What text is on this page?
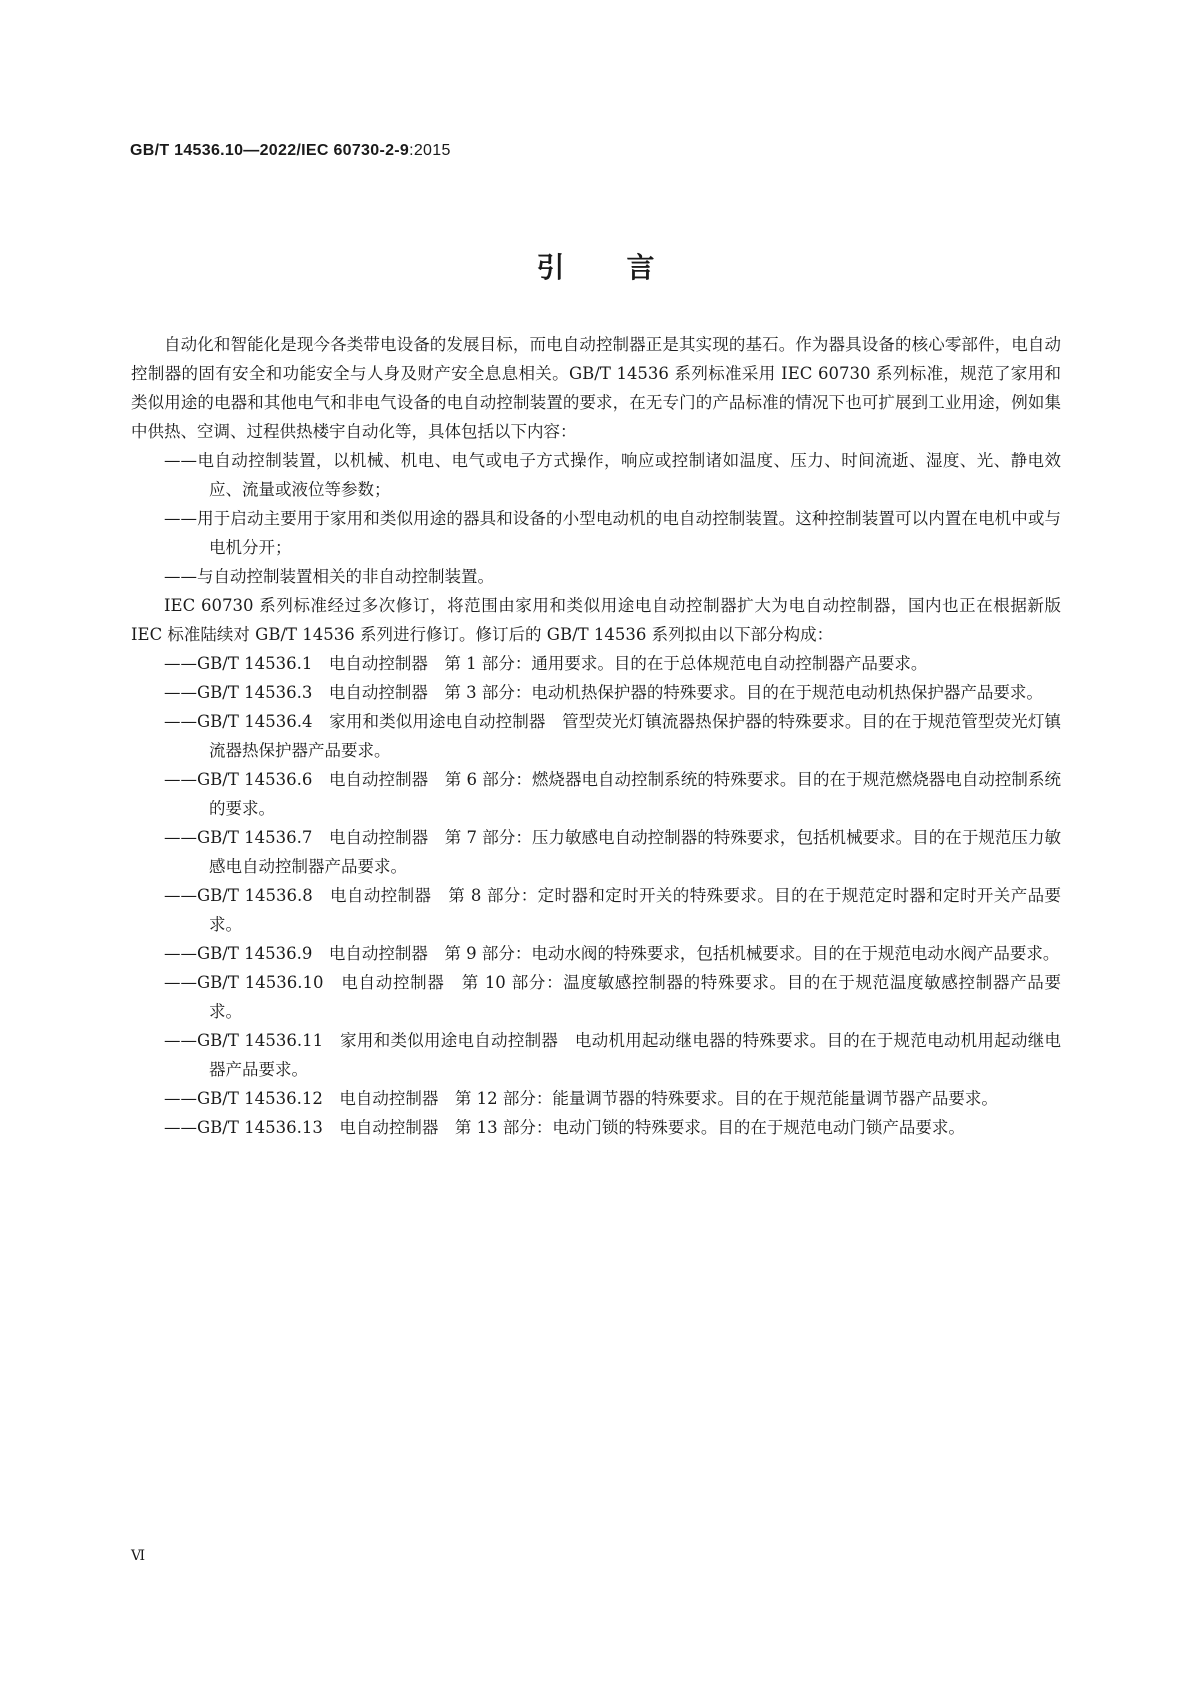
GB/T 14536.10—2022/IEC 60730-2-9:2015
引言

自动化和智能化是现今各类带电设备的发展目标，而电自动控制器正是其实现的基石。作为器具设备的核心零部件，电自动控制器的固有安全和功能安全与人身及财产安全息息相关。GB/T 14536 系列标准采用 IEC 60730 系列标准，规范了家用和类似用途的电器和其他电气和非电气设备的电自动控制装置的要求，在无专门的产品标准的情况下也可扩展到工业用途，例如集中供热、空调、过程供热楼宇自动化等，具体包括以下内容：

——电自动控制装置，以机械、机电、电气或电子方式操作，响应或控制诸如温度、压力、时间流逝、湿度、光、静电效应、流量或液位等参数；
——用于启动主要用于家用和类似用途的器具和设备的小型电动机的电自动控制装置。这种控制装置可以内置在电机中或与电机分开；
——与自动控制装置相关的非自动控制装置。

IEC 60730 系列标准经过多次修订，将范围由家用和类似用途电自动控制器扩大为电自动控制器，国内也正在根据新版 IEC 标准陆续对 GB/T 14536 系列进行修订。修订后的 GB/T 14536 系列拟由以下部分构成：

——GB/T 14536.1　电自动控制器　第 1 部分：通用要求。目的在于总体规范电自动控制器产品要求。
——GB/T 14536.3　电自动控制器　第 3 部分：电动机热保护器的特殊要求。目的在于规范电动机热保护器产品要求。
——GB/T 14536.4　家用和类似用途电自动控制器　管型荧光灯镇流器热保护器的特殊要求。目的在于规范管型荧光灯镇流器热保护器产品要求。
——GB/T 14536.6　电自动控制器　第 6 部分：燃烧器电自动控制系统的特殊要求。目的在于规范燃烧器电自动控制系统的要求。
——GB/T 14536.7　电自动控制器　第 7 部分：压力敏感电自动控制器的特殊要求，包括机械要求。目的在于规范压力敏感电自动控制器产品要求。
——GB/T 14536.8　电自动控制器　第 8 部分：定时器和定时开关的特殊要求。目的在于规范定时器和定时开关产品要求。
——GB/T 14536.9　电自动控制器　第 9 部分：电动水阀的特殊要求，包括机械要求。目的在于规范电动水阀产品要求。
——GB/T 14536.10　电自动控制器　第 10 部分：温度敏感控制器的特殊要求。目的在于规范温度敏感控制器产品要求。
——GB/T 14536.11　家用和类似用途电自动控制器　电动机用起动继电器的特殊要求。目的在于规范电动机用起动继电器产品要求。
——GB/T 14536.12　电自动控制器　第 12 部分：能量调节器的特殊要求。目的在于规范能量调节器产品要求。
——GB/T 14536.13　电自动控制器　第 13 部分：电动门锁的特殊要求。目的在于规范电动门锁产品要求。
Ⅵ
